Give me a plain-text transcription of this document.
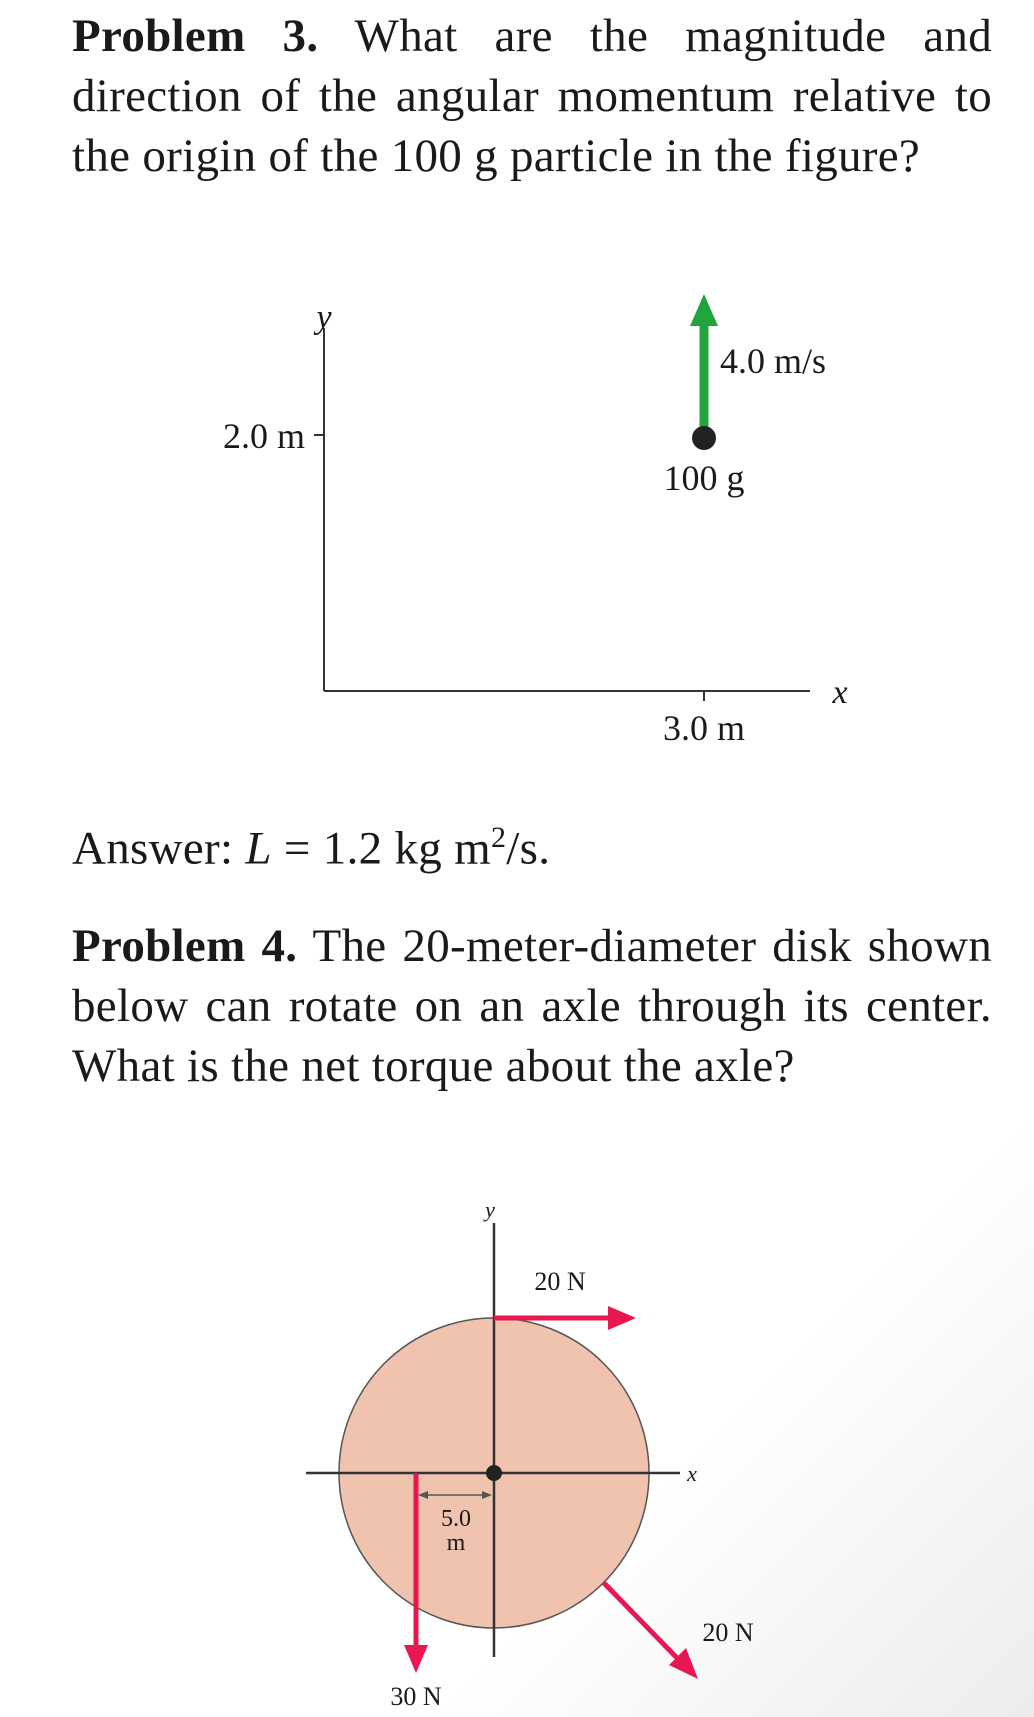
Problem 3. What are the magnitude and direction of the angular momentum relative to the origin of the 100 g particle in the figure?
y
x
2.0 m
3.0 m
4.0 m/s
100 g
Answer: L = 1.2 kg $m^2/s$.
Problem 4. The 20-meter-diameter disk shown below can rotate on an axle through its center. What is the net torque about the axle?
y
x
20 N
30 N
5.0
m
20 N
